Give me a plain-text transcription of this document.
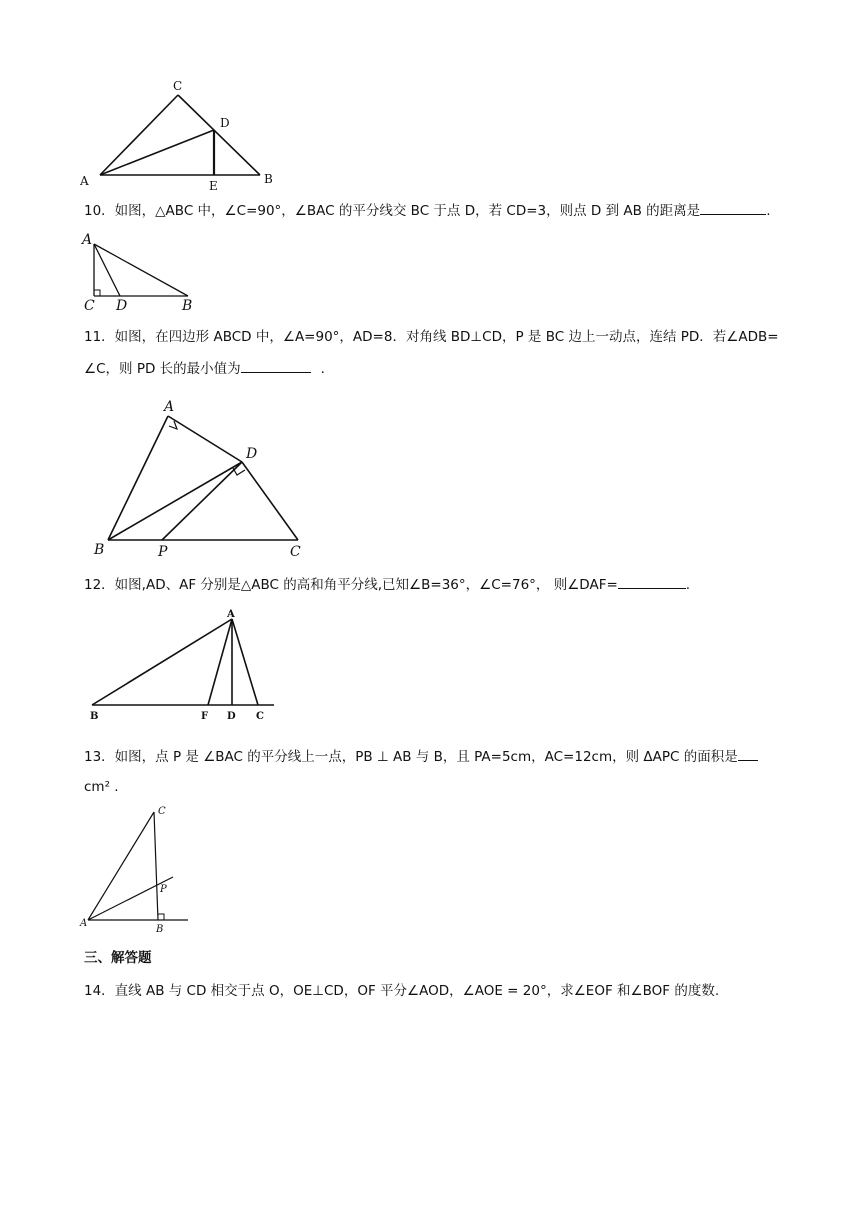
A
C
D
E	B
10．如图，△ABC 中，∠C=90°，∠BAC 的平分线交 BC 于点 D，若 CD=3，则点 D 到 AB 的距离是	.
A
C D	B
11．如图，在四边形 ABCD 中，∠A=90°，AD=8．对角线 BD⊥CD，P 是 BC 边上一动点，连结 PD．若∠ADB=
∠C，则 PD 长的最小值为	.
A
D
B	P	C
12．如图,AD、AF 分别是△ABC 的高和角平分线,已知∠B=36°，∠C=76°， 则∠DAF=	.
A
B	F D C
13．如图，点 P 是 ∠BAC 的平分线上一点，PB ⊥ AB 与 B，且 PA=5cm，AC=12cm，则 ΔAPC 的面积是
cm² .
A
C
P
B
三、解答题
14．直线 AB 与 CD 相交于点 O，OE⊥CD，OF 平分∠AOD，∠AOE = 20°，求∠EOF 和∠BOF 的度数.
